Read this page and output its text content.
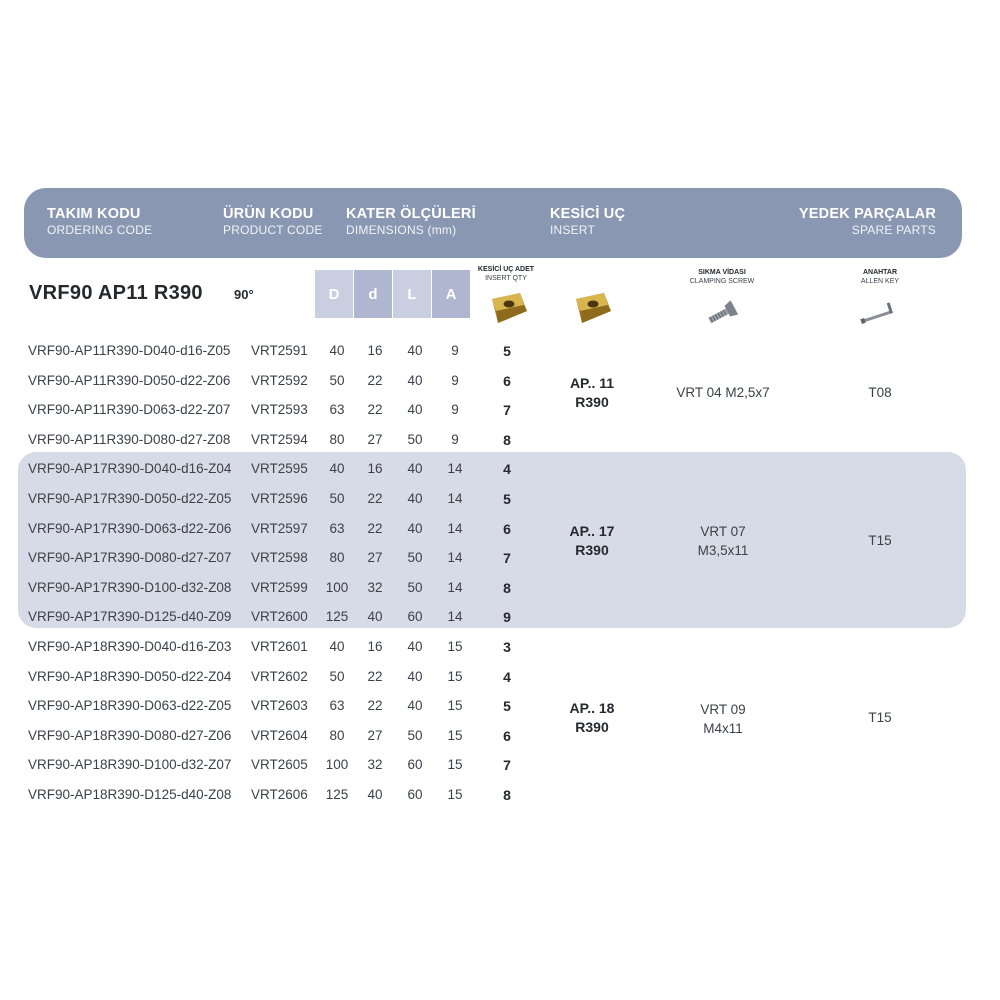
TAKIM KODU
ORDERING CODE
ÜRÜN KODU
PRODUCT CODE
KATER ÖLÇÜLERİ
DIMENSIONS (mm)
KESİCİ UÇ
INSERT
YEDEK PARÇALAR
SPARE PARTS
VRF90 AP11 R390 90°	D d L A
KESİCİ UÇ ADET
INSERT QTY
SIKMA VİDASI
CLAMPING SCREW
ANAHTAR
ALLEN KEY
VRF90-AP11R390-D040-d16-Z05 VRT2591	40	16	40	9	5
VRF90-AP11R390-D050-d22-Z06 VRT2592	50	22	40	9	6
VRF90-AP11R390-D063-d22-Z07 VRT2593	63	22	40	9	7
VRF90-AP11R390-D080-d27-Z08 VRT2594	80	27	50	9	8
VRF90-AP17R390-D040-d16-Z04 VRT2595	40	16	40	14	4
VRF90-AP17R390-D050-d22-Z05 VRT2596	50	22	40	14	5
VRF90-AP17R390-D063-d22-Z06 VRT2597	63	22	40	14	6
VRF90-AP17R390-D080-d27-Z07 VRT2598	80	27	50	14	7
VRF90-AP17R390-D100-d32-Z08 VRT2599	100	32	50	14	8
VRF90-AP17R390-D125-d40-Z09 VRT2600	125	40	60	14	9
VRF90-AP18R390-D040-d16-Z03 VRT2601	40	16	40	15	3
VRF90-AP18R390-D050-d22-Z04 VRT2602	50	22	40	15	4
VRF90-AP18R390-D063-d22-Z05 VRT2603	63	22	40	15	5
VRF90-AP18R390-D080-d27-Z06 VRT2604	80	27	50	15	6
VRF90-AP18R390-D100-d32-Z07 VRT2605	100	32	60	15	7
VRF90-AP18R390-D125-d40-Z08 VRT2606	125	40	60	15	8
AP.. 11
R390
VRT 04 M2,5x7	T08
AP.. 17
R390
VRT 07
M3,5x11
T15
AP.. 18
R390
VRT 09
M4x11
T15
